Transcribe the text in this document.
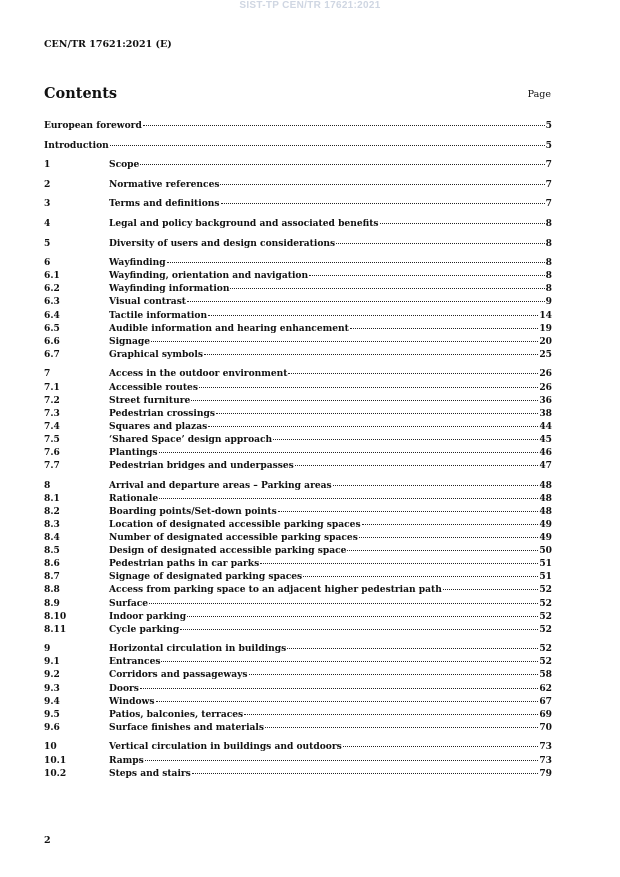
SIST-TP CEN/TR 17621:2021
CEN/TR 17621:2021 (E)
Contents	Page
European foreword	5
Introduction	5
1	Scope	7
2	Normative references	7
3	Terms and definitions	7
4	Legal and policy background and associated benefits	8
5	Diversity of users and design considerations	8
6	Wayfinding	8
6.1	Wayfinding, orientation and navigation	8
6.2	Wayfinding information	8
6.3	Visual contrast	9
6.4	Tactile information	14
6.5	Audible information and hearing enhancement	19
6.6	Signage	20
6.7	Graphical symbols	25
7	Access in the outdoor environment	26
7.1	Accessible routes	26
7.2	Street furniture	36
7.3	Pedestrian crossings	38
7.4	Squares and plazas	44
7.5	‘Shared Space’ design approach	45
7.6	Plantings	46
7.7	Pedestrian bridges and underpasses	47
8	Arrival and departure areas – Parking areas	48
8.1	Rationale	48
8.2	Boarding points/Set-down points	48
8.3	Location of designated accessible parking spaces	49
8.4	Number of designated accessible parking spaces	49
8.5	Design of designated accessible parking space	50
8.6	Pedestrian paths in car parks	51
8.7	Signage of designated parking spaces	51
8.8	Access from parking space to an adjacent higher pedestrian path	52
8.9	Surface	52
8.10	Indoor parking	52
8.11	Cycle parking	52
9	Horizontal circulation in buildings	52
9.1	Entrances	52
9.2	Corridors and passageways	58
9.3	Doors	62
9.4	Windows	67
9.5	Patios, balconies, terraces	69
9.6	Surface finishes and materials	70
10	Vertical circulation in buildings and outdoors	73
10.1	Ramps	73
10.2	Steps and stairs	79
2
